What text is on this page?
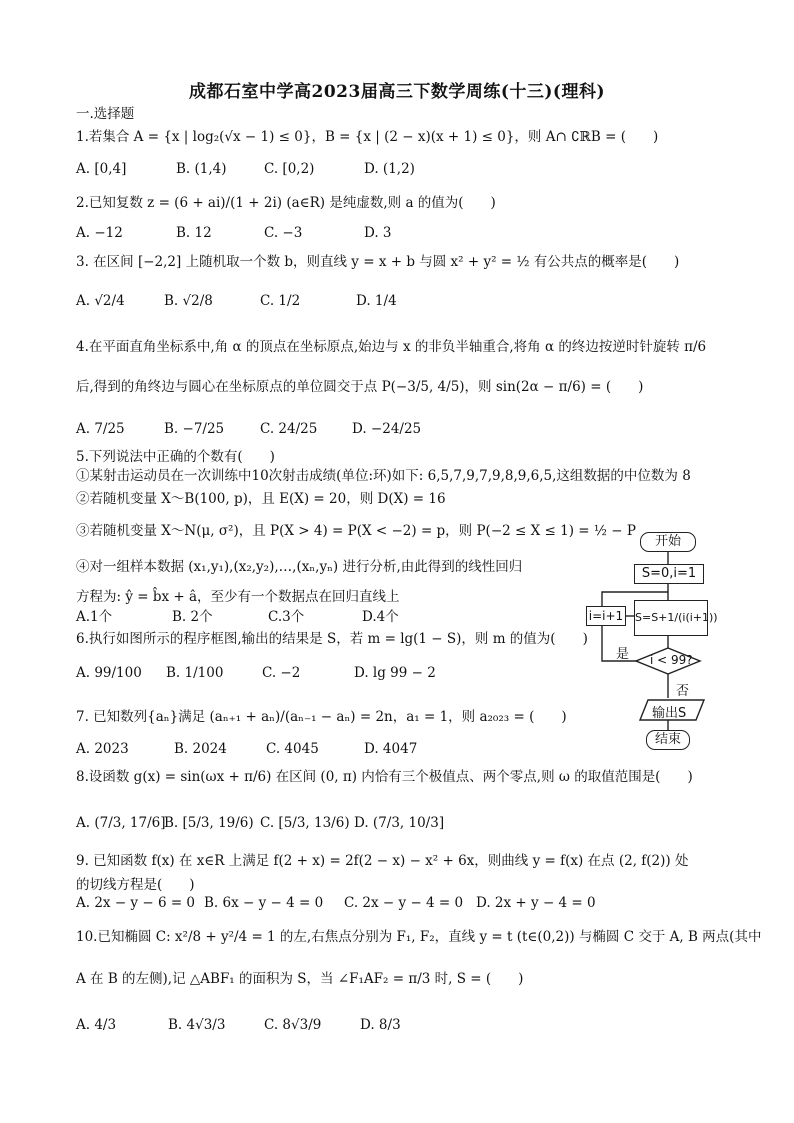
成都石室中学高2023届高三下数学周练(十三)(理科)
一.选择题
1.若集合 A = {x | log₂(√x − 1) ≤ 0}，B = {x | (2 − x)(x + 1) ≤ 0}，则 A∩ ∁ℝB = (　　)
A. [0,4]	B. (1,4)	C. [0,2)	D. (1,2)
2.已知复数 z = (6 + ai)/(1 + 2i) (a∈R) 是纯虚数,则 a 的值为(　　)
A. −12	B. 12	C. −3	D. 3
3. 在区间 [−2,2] 上随机取一个数 b，则直线 y = x + b 与圆 x² + y² = ½ 有公共点的概率是(　　)
A. √2/4	B. √2/8	C. 1/2	D. 1/4
4.在平面直角坐标系中,角 α 的顶点在坐标原点,始边与 x 的非负半轴重合,将角 α 的终边按逆时针旋转 π/6
后,得到的角终边与圆心在坐标原点的单位圆交于点 P(−3/5, 4/5)，则 sin(2α − π/6) = (　　)
A. 7/25	B. −7/25	C. 24/25	D. −24/25
5.下列说法中正确的个数有(　　)
①某射击运动员在一次训练中10次射击成绩(单位:环)如下: 6,5,7,9,7,9,8,9,6,5,这组数据的中位数为 8
②若随机变量 X～B(100, p)，且 E(X) = 20，则 D(X) = 16
③若随机变量 X～N(μ, σ²)，且 P(X > 4) = P(X < −2) = p，则 P(−2 ≤ X ≤ 1) = ½ − P
④对一组样本数据 (x₁,y₁),(x₂,y₂),…,(xₙ,yₙ) 进行分析,由此得到的线性回归
方程为: ŷ = b̂x + â，至少有一个数据点在回归直线上
A.1个	B. 2个	C.3个	D.4个
6.执行如图所示的程序框图,输出的结果是 S，若 m = lg(1 − S)，则 m 的值为(　　)
A. 99/100	B. 1/100	C. −2	D. lg 99 − 2
7. 已知数列{aₙ}满足 (aₙ₊₁ + aₙ)/(aₙ₋₁ − aₙ) = 2n，a₁ = 1，则 a₂₀₂₃ = (　　)
A. 2023	B. 2024	C. 4045	D. 4047
8.设函数 g(x) = sin(ωx + π/6) 在区间 (0, π) 内恰有三个极值点、两个零点,则 ω 的取值范围是(　　)
A. (7/3, 17/6]
B. [5/3, 19/6) C. [5/3, 13/6) D. (7/3, 10/3]
9. 已知函数 f(x) 在 x∈R 上满足 f(2 + x) = 2f(2 − x) − x² + 6x，则曲线 y = f(x) 在点 (2, f(2)) 处
的切线方程是(　　)
A. 2x − y − 6 = 0 B. 6x − y − 4 = 0	C. 2x − y − 4 = 0 D. 2x + y − 4 = 0
10.已知椭圆 C: x²/8 + y²/4 = 1 的左,右焦点分别为 F₁, F₂，直线 y = t (t∈(0,2)) 与椭圆 C 交于 A, B 两点(其中
A 在 B 的左侧),记 △ABF₁ 的面积为 S，当 ∠F₁AF₂ = π/3 时, S = (　　)
A. 4/3	B. 4√3/3	C. 8√3/9	D. 8/3
开始
S=0,i=1
i=i+1 S=S+1/(i(i+1))
i < 99?
是
否
输出S
结束
